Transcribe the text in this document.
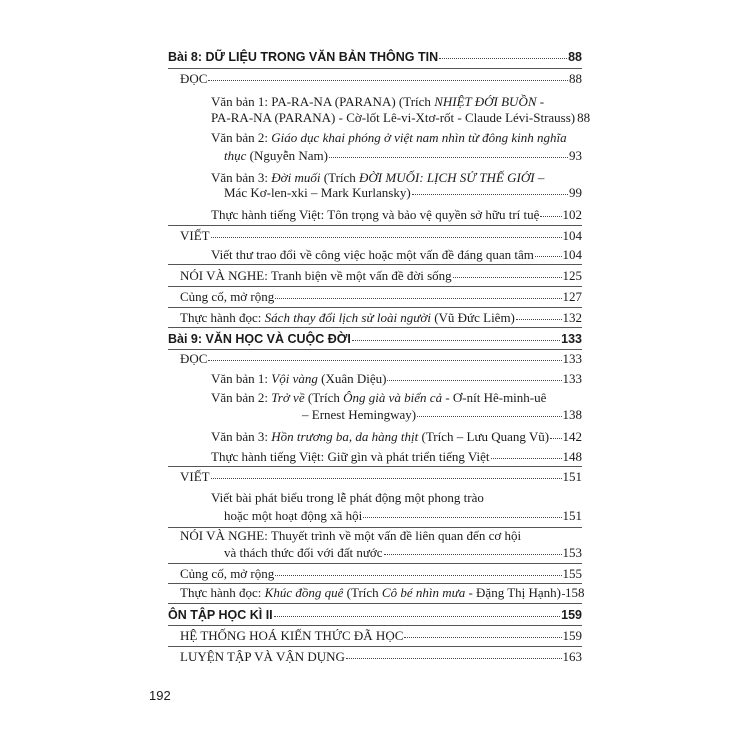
Bài 8: DỮ LIỆU TRONG VĂN BẢN THÔNG TIN	88
ĐỌC	88
Văn bản 1: PA-RA-NA (PARANA) (Trích NHIỆT ĐỚI BUỒN -
PA-RA-NA (PARANA) - Cờ-lốt Lê-vi-Xtơ-rốt - Claude Lévi-Strauss) 88
Văn bản 2: Giáo dục khai phóng ở việt nam nhìn từ đông kinh nghĩa
thục (Nguyễn Nam)	93
Văn bản 3: Đời muối (Trích ĐỜI MUỐI: LỊCH SỬ THẾ GIỚI –
Mác Kơ-len-xki – Mark Kurlansky)	99
Thực hành tiếng Việt: Tôn trọng và bảo vệ quyền sở hữu trí tuệ 102
VIẾT	104
Viết thư trao đổi về công việc hoặc một vấn đề đáng quan tâm 104
NÓI VÀ NGHE: Tranh biện về một vấn đề đời sống	125
Củng cố, mở rộng	127
Thực hành đọc: Sách thay đổi lịch sử loài người (Vũ Đức Liêm)	132
Bài 9: VĂN HỌC VÀ CUỘC ĐỜI	133
ĐỌC	133
Văn bản 1: Vội vàng (Xuân Diệu)	133
Văn bản 2: Trở về (Trích Ông già và biển cả - Ơ-nít Hê-minh-uê
– Ernest Hemingway)	138
Văn bản 3: Hồn trương ba, da hàng thịt (Trích – Lưu Quang Vũ) 142
Thực hành tiếng Việt: Giữ gìn và phát triển tiếng Việt	148
VIẾT	151
Viết bài phát biểu trong lễ phát động một phong trào
hoặc một hoạt động xã hội	151
NÓI VÀ NGHE: Thuyết trình về một vấn đề liên quan đến cơ hội
và thách thức đối với đất nước	153
Củng cố, mở rộng	155
Thực hành đọc: Khúc đồng quê (Trích Cô bé nhìn mưa - Đặng Thị Hạnh) 158
ÔN TẬP HỌC KÌ II	159
HỆ THỐNG HOÁ KIẾN THỨC ĐÃ HỌC	159
LUYỆN TẬP VÀ VẬN DỤNG	163
192
